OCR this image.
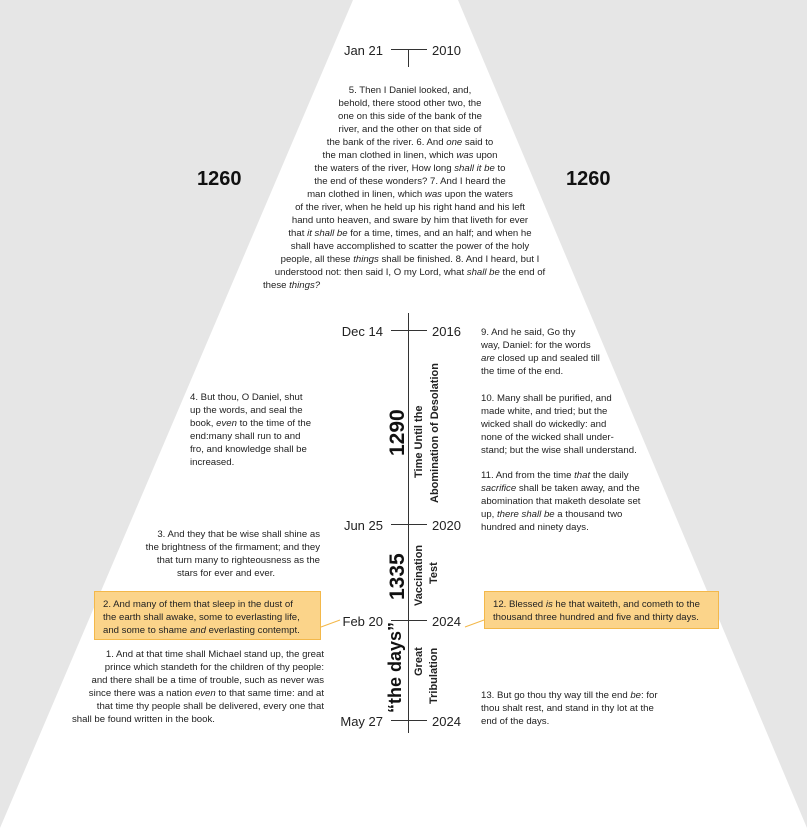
Jan 21	2010
1260	1260
5. Then I Daniel looked, and,
behold, there stood other two, the
one on this side of the bank of the
river, and the other on that side of
the bank of the river. 6. And one said to
the man clothed in linen, which was upon
the waters of the river, How long shall it be to
the end of these wonders? 7. And I heard the
man clothed in linen, which was upon the waters
of the river, when he held up his right hand and his left
hand unto heaven, and sware by him that liveth for ever
that it shall be for a time, times, and an half; and when he
shall have accomplished to scatter the power of the holy
people, all these things shall be finished. 8. And I heard, but I
understood not: then said I, O my Lord, what shall be the end of
these things?
Dec 14	2016
Jun 25	2020
Feb 20	2024
May 27	2024
1290 Time Until the Abomination of Desolation
1335 Vaccination Test
“the days” Great Tribulation
4. But thou, O Daniel, shut
up the words, and seal the
book, even to the time of the
end:many shall run to and
fro, and knowledge shall be
increased.
3. And they that be wise shall shine as
the brightness of the firmament; and they
that turn many to righteousness as the
stars for ever and ever.
2. And many of them that sleep in the dust of
the earth shall awake, some to everlasting life,
and some to shame and everlasting contempt.
12. Blessed is he that waiteth, and cometh to the
thousand three hundred and five and thirty days.
1. And at that time shall Michael stand up, the great
prince which standeth for the children of thy people:
and there shall be a time of trouble, such as never was
since there was a nation even to that same time: and at
that time thy people shall be delivered, every one that
shall be found written in the book.
9. And he said, Go thy
way, Daniel: for the words
are closed up and sealed till
the time of the end.
10. Many shall be purified, and
made white, and tried; but the
wicked shall do wickedly: and
none of the wicked shall under-
stand; but the wise shall understand.
11. And from the time that the daily
sacrifice shall be taken away, and the
abomination that maketh desolate set
up, there shall be a thousand two
hundred and ninety days.
13. But go thou thy way till the end be: for
thou shalt rest, and stand in thy lot at the
end of the days.
